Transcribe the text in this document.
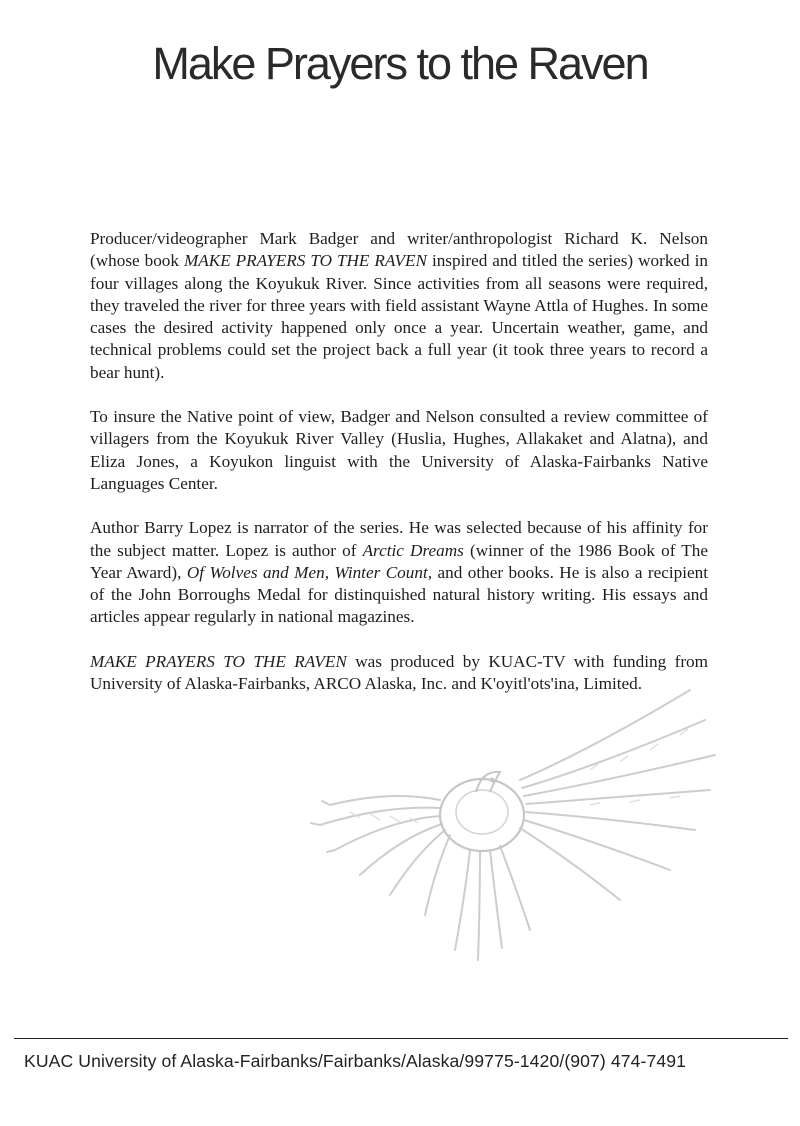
Make Prayers to the Raven

Producer/videographer Mark Badger and writer/anthropologist Richard K. Nelson (whose book MAKE PRAYERS TO THE RAVEN inspired and titled the series) worked in four villages along the Koyukuk River. Since activities from all seasons were required, they traveled the river for three years with field assistant Wayne Attla of Hughes. In some cases the desired activity happened only once a year. Uncertain weather, game, and technical problems could set the project back a full year (it took three years to record a bear hunt).

To insure the Native point of view, Badger and Nelson consulted a review committee of villagers from the Koyukuk River Valley (Huslia, Hughes, Allakaket and Alatna), and Eliza Jones, a Koyukon linguist with the University of Alaska-Fairbanks Native Languages Center.

Author Barry Lopez is narrator of the series. He was selected because of his affinity for the subject matter. Lopez is author of Arctic Dreams (winner of the 1986 Book of The Year Award), Of Wolves and Men, Winter Count, and other books. He is also a recipient of the John Borroughs Medal for distinquished natural history writing. His essays and articles appear regularly in national magazines.

MAKE PRAYERS TO THE RAVEN was produced by KUAC-TV with funding from University of Alaska-Fairbanks, ARCO Alaska, Inc. and K'oyitl'ots'ina, Limited.

KUAC University of Alaska-Fairbanks/Fairbanks/Alaska/99775-1420/(907) 474-7491
